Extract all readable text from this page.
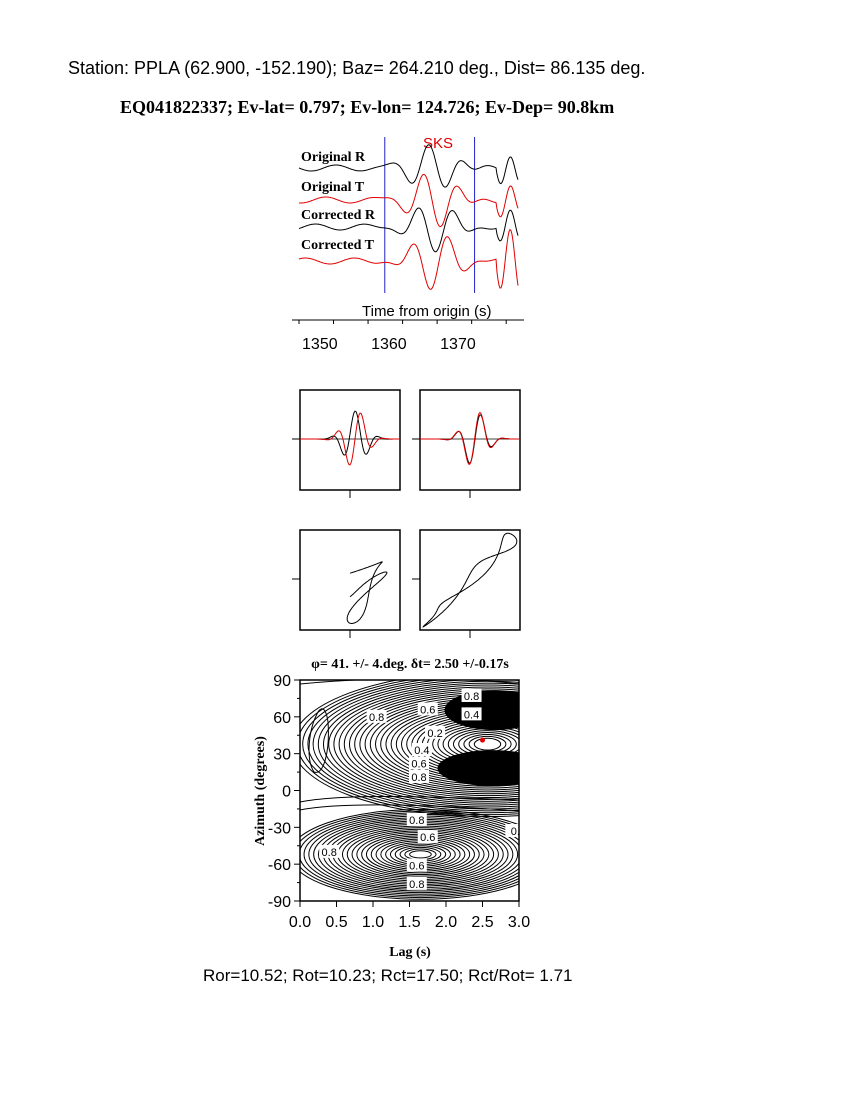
Station: PPLA (62.900, -152.190); Baz= 264.210 deg., Dist= 86.135 deg.
EQ041822337; Ev-lat= 0.797; Ev-lon= 124.726; Ev-Dep= 90.8km
SKS
Original R
Original T
Corrected R
Corrected T
Time from origin (s)
1350 1360 1370
φ= 41. +/- 4.deg. δt= 2.50 +/-0.17s
0.8
0.4
0.6
0.8
0.2
0.4
0.6
0.8
0.8
0.6
0.6
0.8
0.8
0.
90
60
30
0
-30
-60
-90
0.0 0.5 1.0 1.5 2.0 2.5 3.0
Lag (s)
Azimuth (degrees)
Ror=10.52; Rot=10.23; Rct=17.50; Rct/Rot= 1.71
